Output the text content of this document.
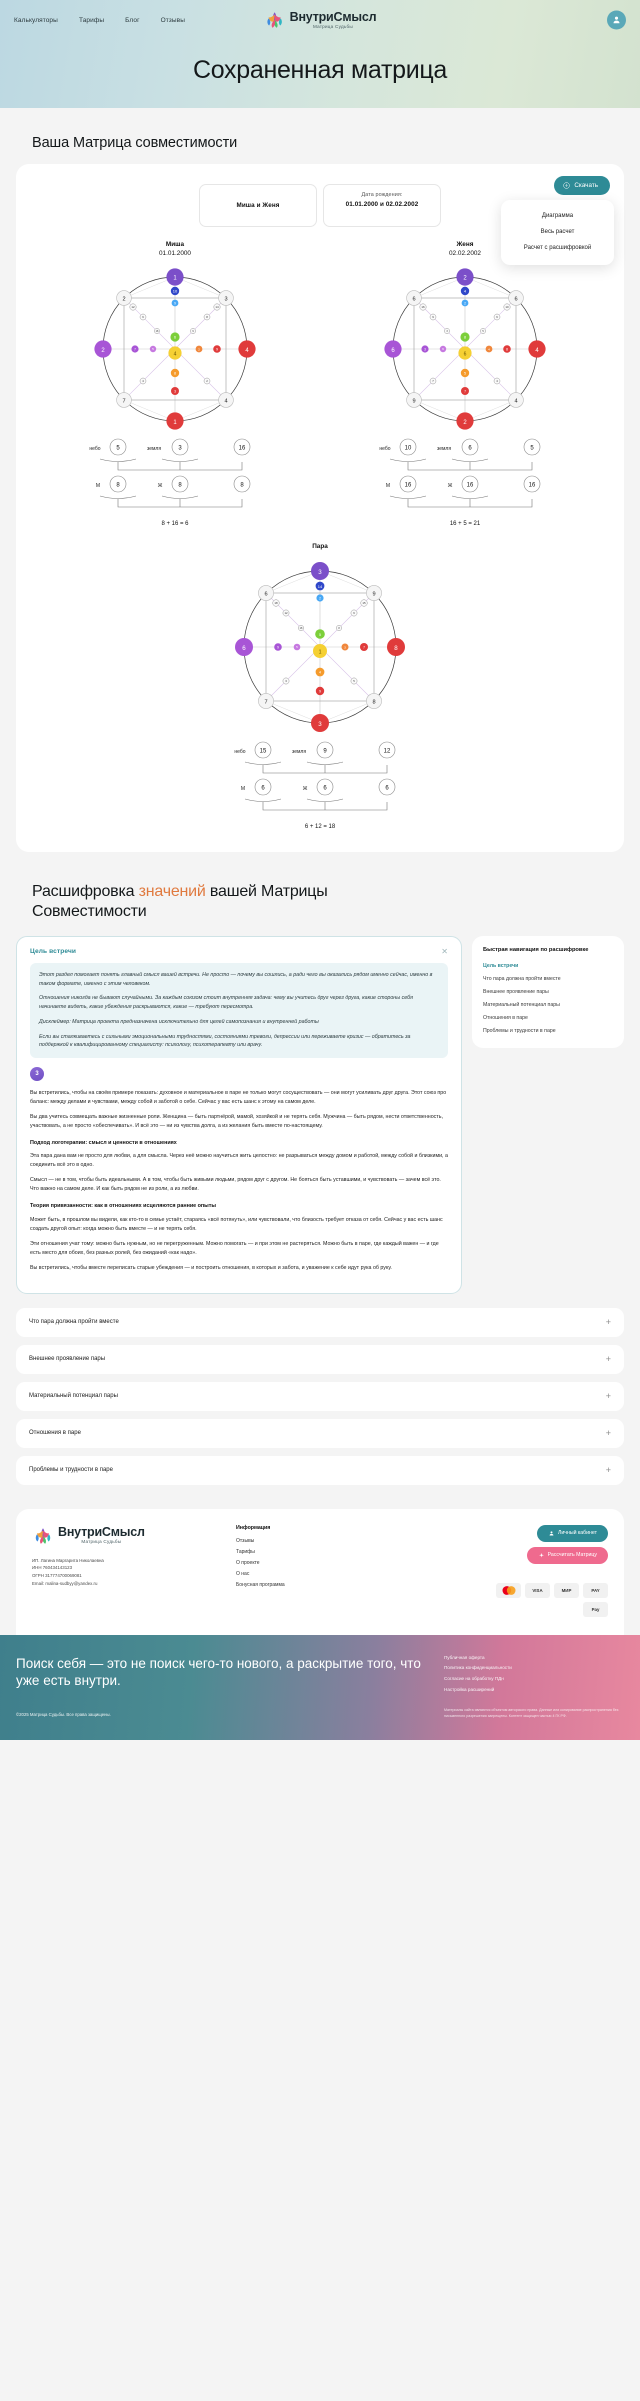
Калькуляторы	Тарифы	Блог	Отзывы	ВнутриСмысл
Матрица Судьбы
Сохраненная матрица
Ваша Матрица совместимости
Миша и Женя
Дата рождения:
01.01.2000 и 02.02.2002
Скачать
Диаграмма
Весь расчет
Расчет с расшифровкой
Миша
01.01.2000
10
9
6
4
8
3
7	5	2	9
6
18
8
9
4	2
1
4
1
2
2	3
4
7
12	14
небо	5	земля	3	16
М	8	Ж	8	8
8 + 16 = 6
Женя
02.02.2002
4
2
8
6
5
7
3	9	4	8
9
3
6
5
7	4
2
4
2
6
6	6
4
9
16	10
небо 10	земля	6	5
М 16	Ж 16	16
16 + 5 = 21
Пара
14
2
5
1
4
9
9	5	3	7
12
18
6
8
3	5
3
8
3
6
6	9
8
7
18	15
небо 15	земля	9	12
М	6	Ж	6	6
6 + 12 = 18
Расшифровка значений вашей Матрицы Совместимости
Цель встречи	✕

Этот раздел помогает понять главный смысл вашей встречи. Не просто — почему вы сошлись, а ради чего вы оказались рядом именно сейчас, именно в таком формате, именно с этим человеком.

Отношения никогда не бывают случайными. За каждым союзом стоит внутренняя задача: чему вы учитесь друг через друга, какие стороны себя начинаете видеть, какие убеждения раскрываются, какие — требуют пересмотра.

Дисклеймер: Матрица проекта предназначена исключительно для целей самопознания и внутренней работы

Если вы сталкиваетесь с сильными эмоциональными трудностями, состояниями тревоги, депрессии или переживаете кризис — обратитесь за поддержкой к квалифицированному специалисту: психологу, психотерапевту или врачу.

3

Вы встретились, чтобы на своём примере показать: духовное и материальное в паре не только могут сосуществовать — они могут усиливать друг друга. Этот союз про баланс: между делами и чувствами, между собой и заботой о себе. Сейчас у вас есть шанс к этому на самом деле.

Вы два учитесь совмещать важные жизненные роли. Женщина — быть партнёрой, мамой, хозяйкой и не терять себя. Мужчина — быть рядом, нести ответственность, участвовать, а не просто «обеспечивать». И всё это — ни из чувства долга, а из желания быть вместе по-настоящему.

Подход логотерапии: смысл и ценности в отношениях

Эта пара дана вам не просто для любви, а для смысла. Через неё можно научиться жить целостно: не разрываться между домом и работой, между собой и близкими, а соединить всё это в одно.

Смысл — не в том, чтобы быть идеальными. А в том, чтобы быть живыми людьми, рядом друг с другом. Не бояться быть уставшими, и чувствовать — зачем всё это. Что важно на самом деле. И как быть рядом не из роли, а из любви.

Теория привязанности: как в отношениях исцеляются ранние опыты

Может быть, в прошлом вы видели, как кто-то в семье устаёт, стараясь «всё потянуть», или чувствовали, что близость требует отказа от себя. Сейчас у вас есть шанс создать другой опыт: когда можно быть вместе — и не терять себя.

Эти отношения учат тому: можно быть нужным, но не перегруженным. Можно помогать — и при этом не растеряться. Можно быть в паре, где каждый важен — и где есть место для обоих, без разных ролей, без ожиданий «как надо».

Вы встретились, чтобы вместе переписать старые убеждения — и построить отношения, в которых и забота, и уважение к себе идут рука об руку.

Быстрая навигация по расшифровке
Цель встречи
Что пара должна пройти вместе
Внешнее проявление пары
Материальный потенциал пары
Отношения в паре
Проблемы и трудности в паре
Что пара должна пройти вместе	+
Внешнее проявление пары	+
Материальный потенциал пары	+
Отношения в паре	+
Проблемы и трудности в паре	+
ВнутриСмысл
Матрица Судьбы
ИП. Лагина Маргарита Николаевна
ИНН 760434143123
ОГРН 317774700069081
Email: malina-sudbyy@yandex.ru
Информация
Отзывы
Тарифы
О проекте
О нас
Бонусная программа
Личный кабинет
Рассчитать Матрицу
VISA	МИР	PAY
Pay
Поиск себя — это не поиск чего-то нового, а раскрытие того, что уже есть внутри.
©2025 Матрица Судьбы. Все права защищены.
Публичная оферта
Политика конфиденциальности
Согласие на обработку ПДн
Настройка расширений
Материалы сайта являются объектом авторского права. Данные или копирование распространения без письменного разрешения запрещены. Контент защищен частью 4 ГК РФ.
